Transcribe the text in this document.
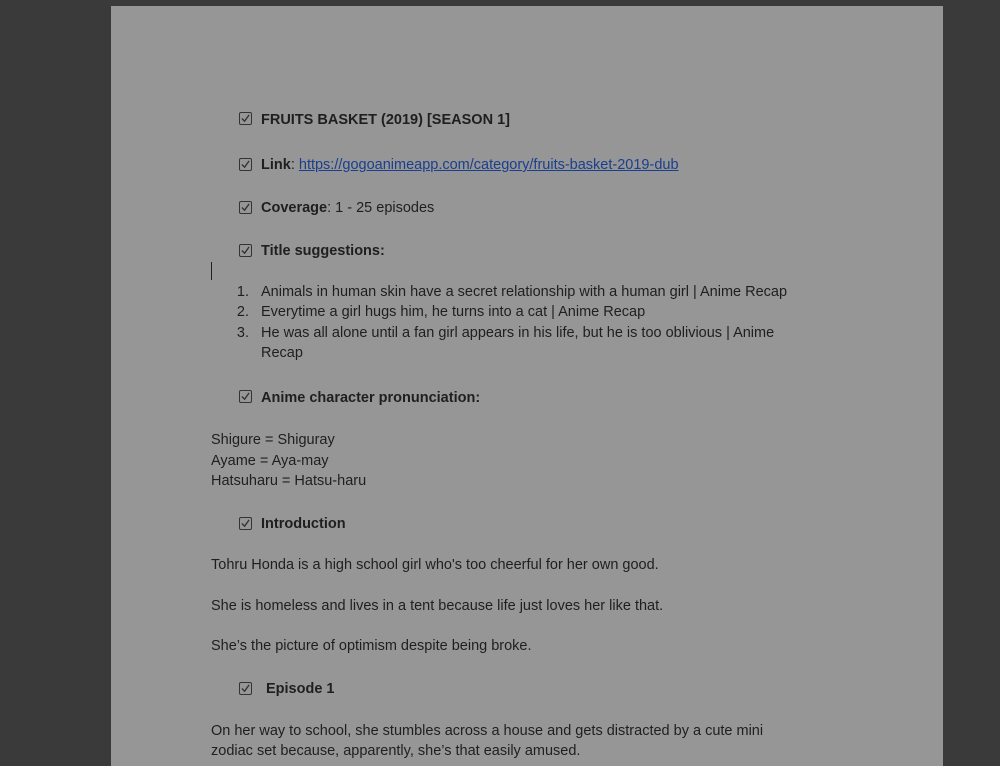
FRUITS BASKET (2019) [SEASON 1]
Link: https://gogoanimeapp.com/category/fruits-basket-2019-dub
Coverage: 1 - 25 episodes
Title suggestions:
1. Animals in human skin have a secret relationship with a human girl | Anime Recap
2. Everytime a girl hugs him, he turns into a cat | Anime Recap
3. He was all alone until a fan girl appears in his life, but he is too oblivious | Anime
Recap
Anime character pronunciation:
Shigure = Shiguray
Ayame = Aya-may
Hatsuharu = Hatsu-haru
Introduction
Tohru Honda is a high school girl who's too cheerful for her own good.
She is homeless and lives in a tent because life just loves her like that.
She’s the picture of optimism despite being broke.
Episode 1
On her way to school, she stumbles across a house and gets distracted by a cute mini
zodiac set because, apparently, she’s that easily amused.
